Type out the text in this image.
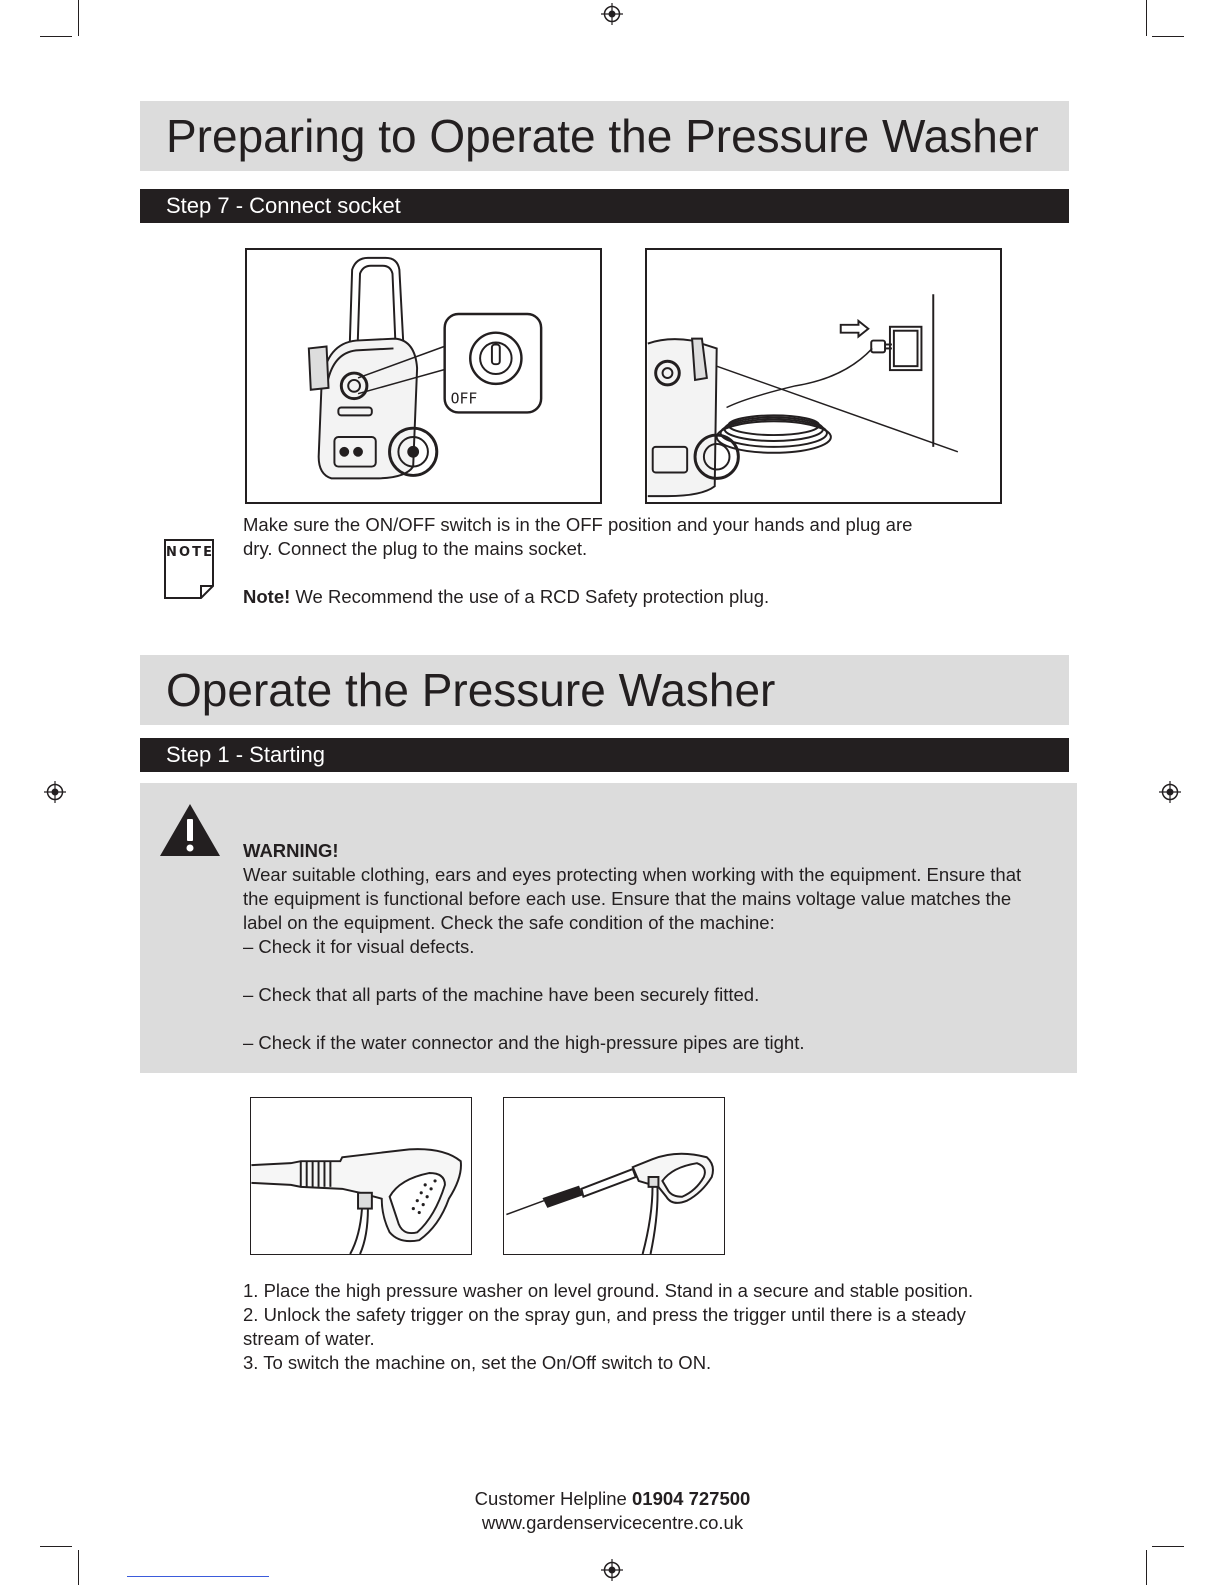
Preparing to Operate the Pressure Washer
Step 7 - Connect socket
OFF
NOTE

Make sure the ON/OFF switch is in the OFF position and your hands and plug are

dry. Connect the plug to the mains socket.

Note! We Recommend the use of a RCD Safety protection plug.

Operate the Pressure Washer
Step 1 - Starting

WARNING!

Wear suitable clothing, ears and eyes protecting when working with the equipment. Ensure that

the equipment is functional before each use. Ensure that the mains voltage value matches the

label on the equipment. Check the safe condition of the machine:

– Check it for visual defects.

– Check that all parts of the machine have been securely fitted.

– Check if the water connector and the high-pressure pipes are tight.

1. Place the high pressure washer on level ground. Stand in a secure and stable position.

2. Unlock the safety trigger on the spray gun, and press the trigger until there is a steady

stream of water.

3. To switch the machine on, set the On/Off switch to ON.

Customer Helpline 01904 727500
www.gardenservicecentre.co.uk
